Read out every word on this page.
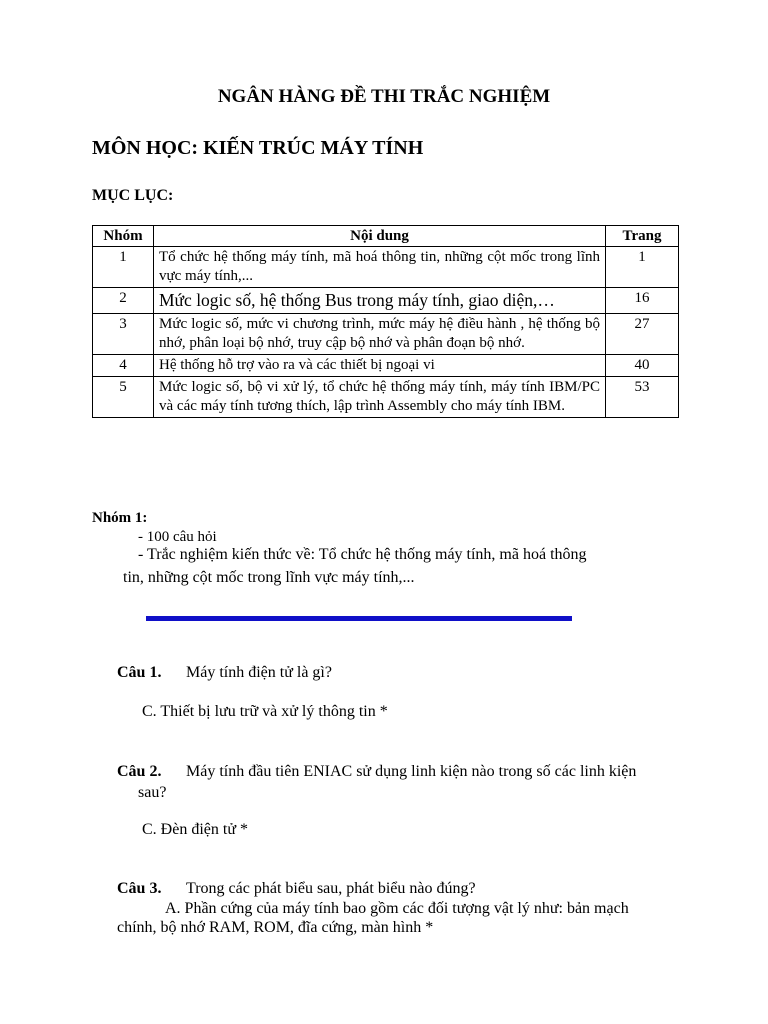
NGÂN HÀNG ĐỀ THI TRẮC NGHIỆM
MÔN HỌC: KIẾN TRÚC MÁY TÍNH
MỤC LỤC:
Nhóm	Nội dung	Trang
1	Tổ chức hệ thống máy tính, mã hoá thông tin, những cột mốc trong lĩnh vực máy tính,...	1
2	Mức logic số, hệ thống Bus trong máy tính, giao diện,…	16
3	Mức logic số, mức vi chương trình, mức máy hệ điều hành , hệ thống bộ nhớ, phân loại bộ nhớ, truy cập bộ nhớ và phân đoạn bộ nhớ.	27
4	Hệ thống hỗ trợ vào ra và các thiết bị ngoại vi	40
5	Mức logic số, bộ vi xử lý, tổ chức hệ thống máy tính, máy tính IBM/PC và các máy tính tương thích, lập trình Assembly cho máy tính IBM.	53
Nhóm 1:
- 100 câu hỏi
- Trắc nghiệm kiến thức về: Tổ chức hệ thống máy tính, mã hoá thông
tin, những cột mốc trong lĩnh vực máy tính,...
Câu 1. Máy tính điện tử là gì?
C. Thiết bị lưu trữ và xử lý thông tin *
Câu 2. Máy tính đầu tiên ENIAC sử dụng linh kiện nào trong số các linh kiện
sau?
C. Đèn điện tử *
Câu 3. Trong các phát biểu sau, phát biểu nào đúng?
A. Phần cứng của máy tính bao gồm các đối tượng vật lý như: bản mạch
chính, bộ nhớ RAM, ROM, đĩa cứng, màn hình *
